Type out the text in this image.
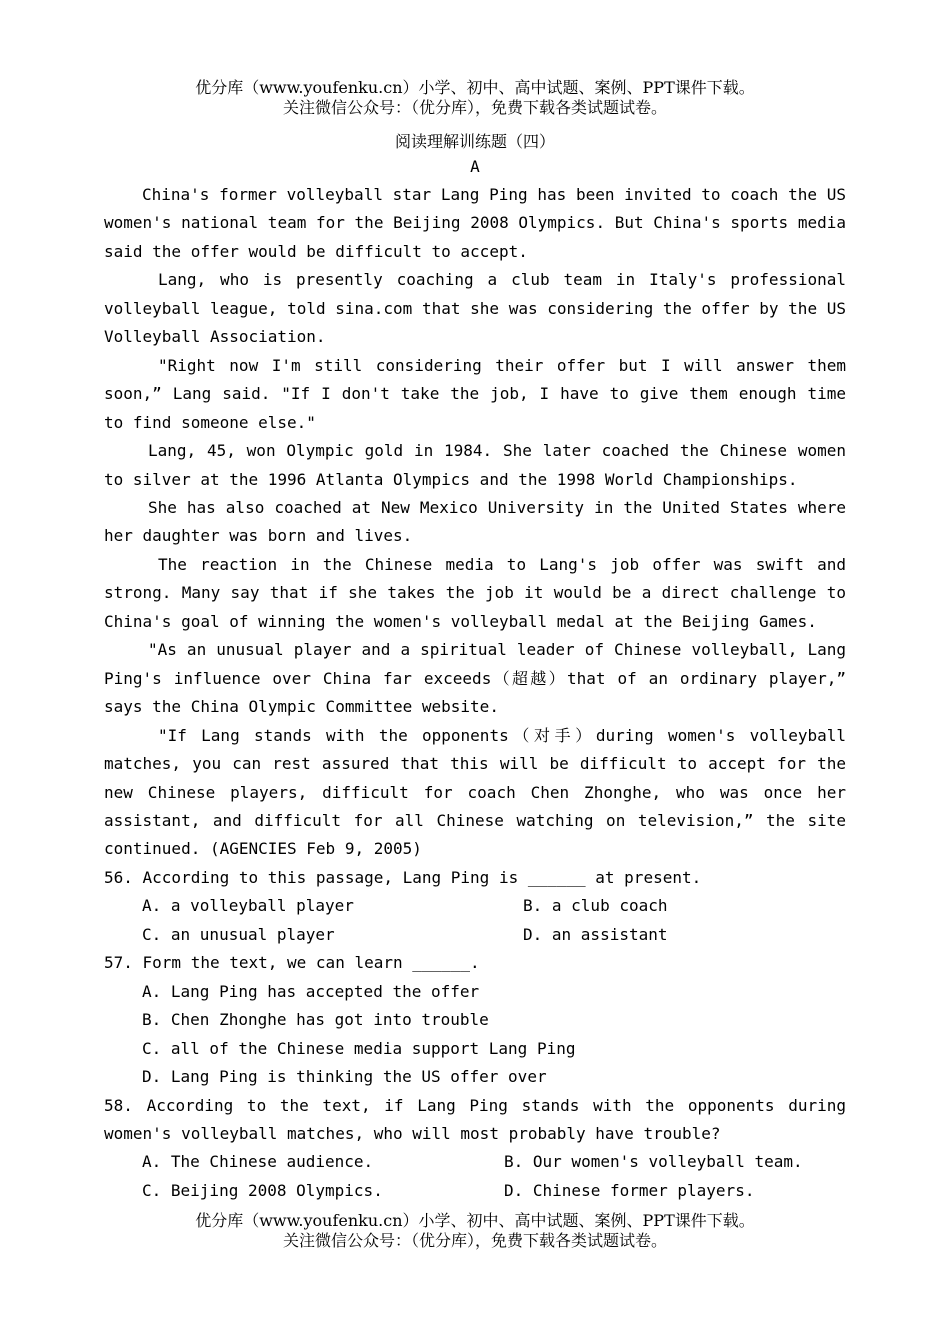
优分库（www.youfenku.cn）小学、初中、高中试题、案例、PPT课件下载。
关注微信公众号：（优分库），免费下载各类试题试卷。
阅读理解训练题（四）
A

China's former volleyball star Lang Ping has been invited to coach the US women's national team for the Beijing 2008 Olympics. But China's sports media said the offer would be difficult to accept.

Lang, who is presently coaching a club team in Italy's professional volleyball league, told sina.com that she was considering the offer by the US Volleyball Association.

"Right now I'm still considering their offer but I will answer them soon,” Lang said. "If I don't take the job, I have to give them enough time to find someone else."

Lang, 45, won Olympic gold in 1984. She later coached the Chinese women to silver at the 1996 Atlanta Olympics and the 1998 World Championships.

She has also coached at New Mexico University in the United States where her daughter was born and lives.

The reaction in the Chinese media to Lang's job offer was swift and strong. Many say that if she takes the job it would be a direct challenge to China's goal of winning the women's volleyball medal at the Beijing Games.

"As an unusual player and a spiritual leader of Chinese volleyball, Lang Ping's influence over China far exceeds（超越）that of an ordinary player,” says the China Olympic Committee website.

"If Lang stands with the opponents（对手）during women's volleyball matches, you can rest assured that this will be difficult to accept for the new Chinese players, difficult for coach Chen Zhonghe, who was once her assistant, and difficult for all Chinese watching on television,” the site continued. (AGENCIES Feb 9, 2005)

56. According to this passage, Lang Ping is ______ at present.

A. a volleyball player	B. a club coach
C. an unusual player	D. an assistant

57. Form the text, we can learn ______.

A. Lang Ping has accepted the offer

B. Chen Zhonghe has got into trouble

C. all of the Chinese media support Lang Ping

D. Lang Ping is thinking the US offer over

58. According to the text, if Lang Ping stands with the opponents during women's volleyball matches, who will most probably have trouble?

A. The Chinese audience.	B. Our women's volleyball team.
C. Beijing 2008 Olympics.	D. Chinese former players.
优分库（www.youfenku.cn）小学、初中、高中试题、案例、PPT课件下载。
关注微信公众号：（优分库），免费下载各类试题试卷。
